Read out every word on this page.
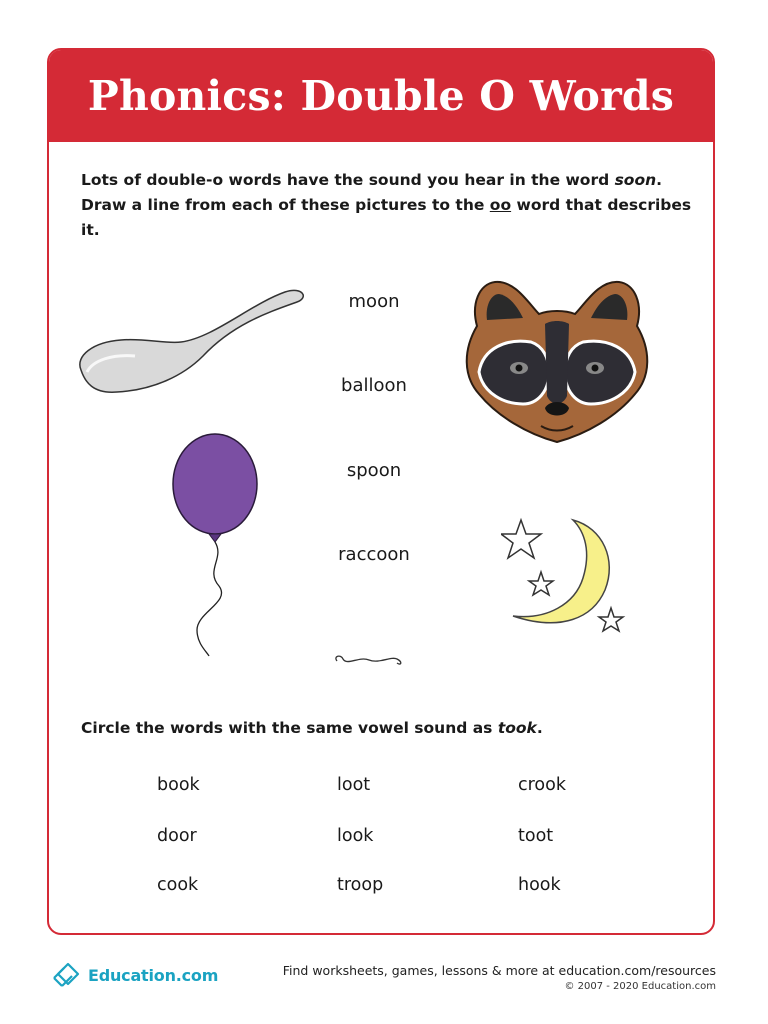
Phonics: Double O Words

Lots of double-o words have the sound you hear in the word soon.

Draw a line from each of these pictures to the oo word that describes it.

moon
balloon
spoon
raccoon
Circle the words with the same vowel sound as took.
book	loot	crook
door	look	toot
cook	troop	hook
Education.com	Find worksheets, games, lessons & more at education.com/resources
© 2007 - 2020 Education.com
